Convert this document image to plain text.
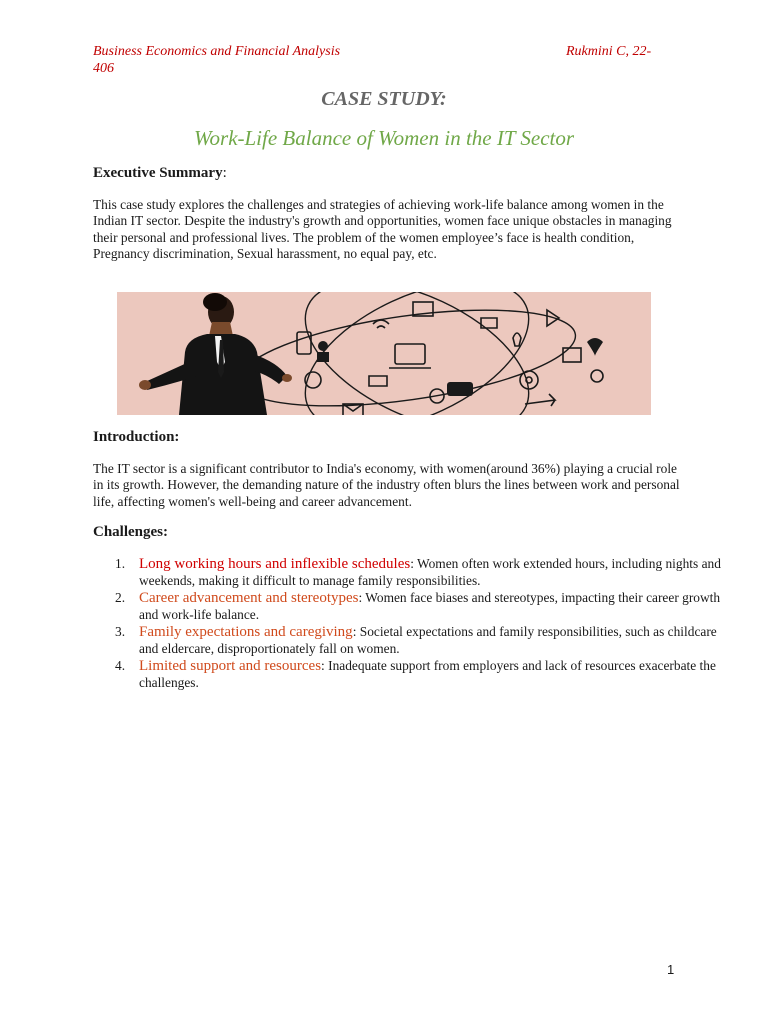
Business Economics and Financial Analysis	Rukmini C, 22-
406
CASE STUDY:
Work-Life Balance of Women in the IT Sector
Executive Summary:
This case study explores the challenges and strategies of achieving work-life balance among women in the Indian IT sector. Despite the industry's growth and opportunities, women face unique obstacles in managing their personal and professional lives. The problem of the women employee’s face is health condition, Pregnancy discrimination, Sexual harassment, no equal pay, etc.
Introduction:
The IT sector is a significant contributor to India's economy, with women(around 36%) playing a crucial role in its growth. However, the demanding nature of the industry often blurs the lines between work and personal life, affecting women's well-being and career advancement.
Challenges:
1. Long working hours and inflexible schedules: Women often work extended hours, including nights and weekends, making it difficult to manage family responsibilities.
2. Career advancement and stereotypes: Women face biases and stereotypes, impacting their career growth and work-life balance.
3. Family expectations and caregiving: Societal expectations and family responsibilities, such as childcare and eldercare, disproportionately fall on women.
4. Limited support and resources: Inadequate support from employers and lack of resources exacerbate the challenges.
1
